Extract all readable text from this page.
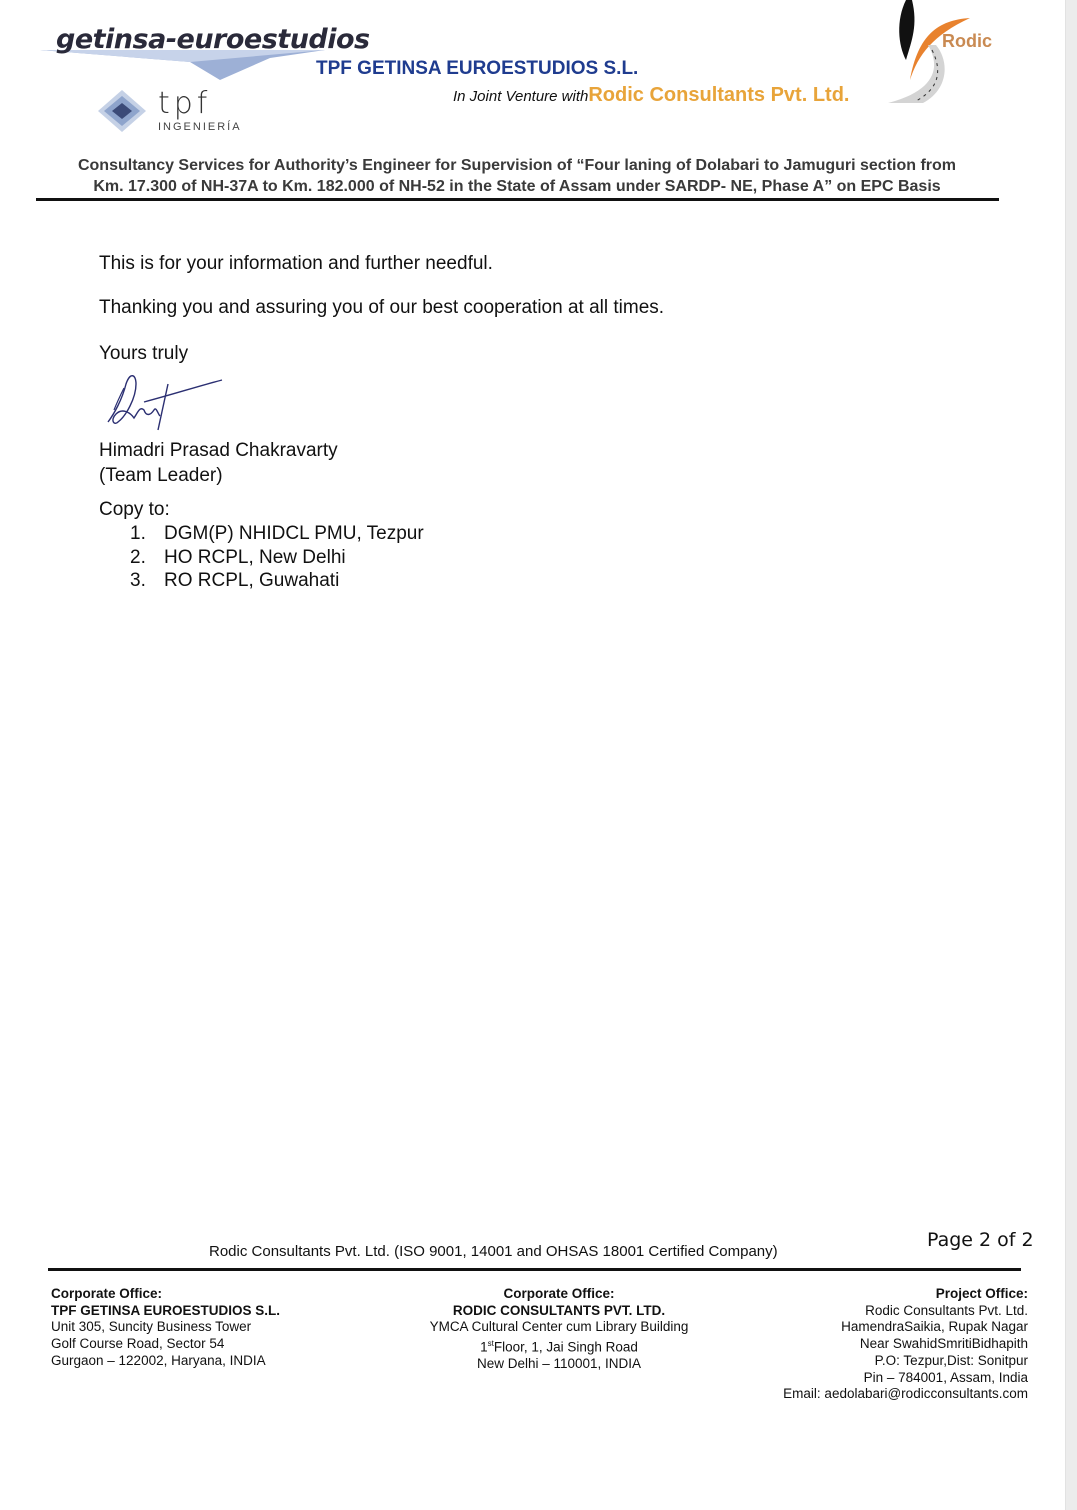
getinsa-euroestudios
tpf
INGENIERÍA
TPF GETINSA EUROESTUDIOS S.L.
In Joint Venture withRodic Consultants Pvt. Ltd.
Rodic
Consultancy Services for Authority’s Engineer for Supervision of “Four laning of Dolabari to Jamuguri section from
Km. 17.300 of NH-37A to Km. 182.000 of NH-52 in the State of Assam under SARDP- NE, Phase A” on EPC Basis
This is for your information and further needful.
Thanking you and assuring you of our best cooperation at all times.
Yours truly
Himadri Prasad Chakravarty
(Team Leader)
Copy to:
1. DGM(P) NHIDCL PMU, Tezpur
2. HO RCPL, New Delhi
3. RO RCPL, Guwahati
Page 2 of 2
Rodic Consultants Pvt. Ltd. (ISO 9001, 14001 and OHSAS 18001 Certified Company)
Corporate Office:
TPF GETINSA EUROESTUDIOS S.L.
Unit 305, Suncity Business Tower
Golf Course Road, Sector 54
Gurgaon – 122002, Haryana, INDIA
Corporate Office:
RODIC CONSULTANTS PVT. LTD.
YMCA Cultural Center cum Library Building
1stFloor, 1, Jai Singh Road
New Delhi – 110001, INDIA
Project Office:
Rodic Consultants Pvt. Ltd.
HamendraSaikia, Rupak Nagar
Near SwahidSmritiBidhapith
P.O: Tezpur,Dist: Sonitpur
Pin – 784001, Assam, India
Email: aedolabari@rodicconsultants.com
